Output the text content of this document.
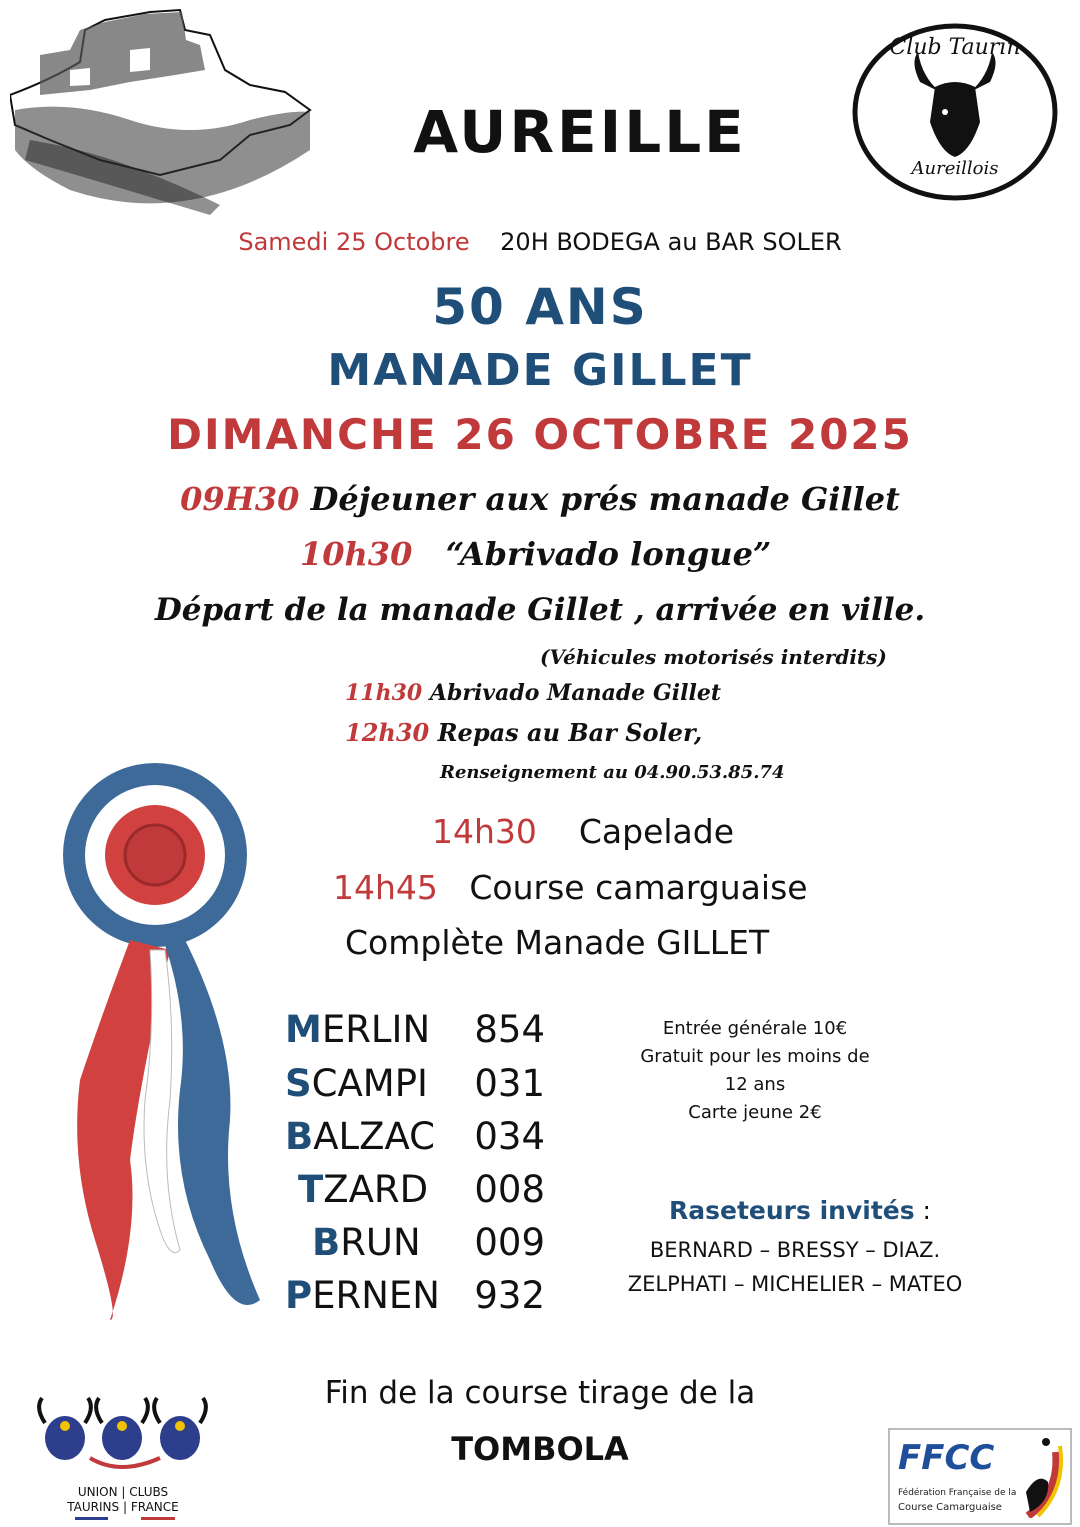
AUREILLE
Club Taurin
Aureillois
Samedi 25 Octobre 20H BODEGA au BAR SOLER
50 ANS
MANADE GILLET
DIMANCHE 26 OCTOBRE 2025
09H30 Déjeuner aux prés manade Gillet
10h30 “Abrivado longue”
Départ de la manade Gillet , arrivée en ville.
(Véhicules motorisés interdits)
11h30 Abrivado Manade Gillet
12h30 Repas au Bar Soler,
Renseignement au 04.90.53.85.74
14h30 Capelade
14h45 Course camarguaise
Complète Manade GILLET
MERLIN 854
SCAMPI 031
BALZAC 034
TZARD 008
BRUN 009
PERNEN 932
Entrée générale 10€
Gratuit pour les moins de
12 ans
Carte jeune 2€
Raseteurs invités :
BERNARD – BRESSY – DIAZ.
ZELPHATI – MICHELIER – MATEO
Fin de la course tirage de la
TOMBOLA
UNION | CLUBS
TAURINS | FRANCE
FFCC
Fédération Française de la
Course Camarguaise
